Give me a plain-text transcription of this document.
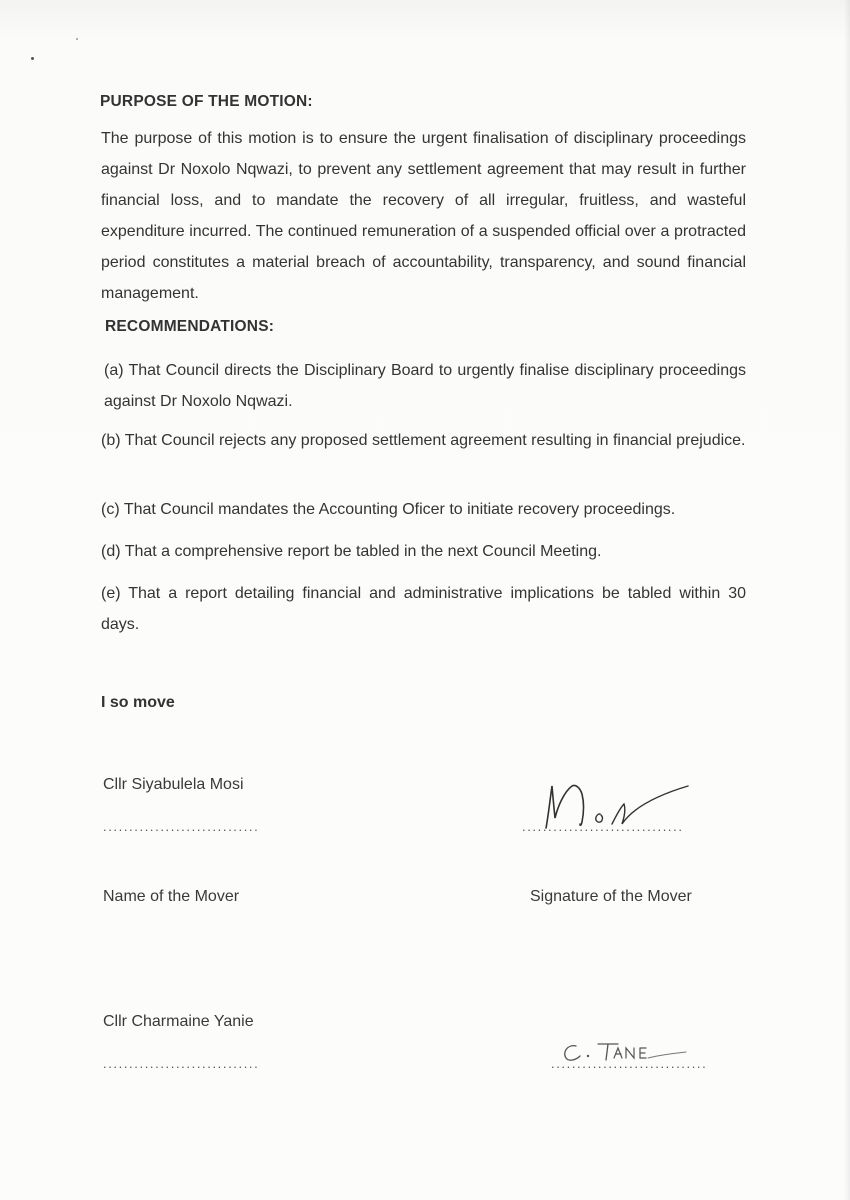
PURPOSE OF THE MOTION:
The purpose of this motion is to ensure the urgent finalisation of disciplinary proceedings against Dr Noxolo Nqwazi, to prevent any settlement agreement that may result in further financial loss, and to mandate the recovery of all irregular, fruitless, and wasteful expenditure incurred. The continued remuneration of a suspended official over a protracted period constitutes a material breach of accountability, transparency, and sound financial management.
RECOMMENDATIONS:
(a) That Council directs the Disciplinary Board to urgently finalise disciplinary proceedings against Dr Noxolo Nqwazi.
(b) That Council rejects any proposed settlement agreement resulting in financial prejudice.
(c) That Council mandates the Accounting Oficer to initiate recovery proceedings.
(d) That a comprehensive report be tabled in the next Council Meeting.
(e) That a report detailing financial and administrative implications be tabled within 30 days.
I so move
Cllr Siyabulela Mosi
..............................	...............................
Name of the Mover	Signature of the Mover
Cllr Charmaine Yanie
..............................	..............................
